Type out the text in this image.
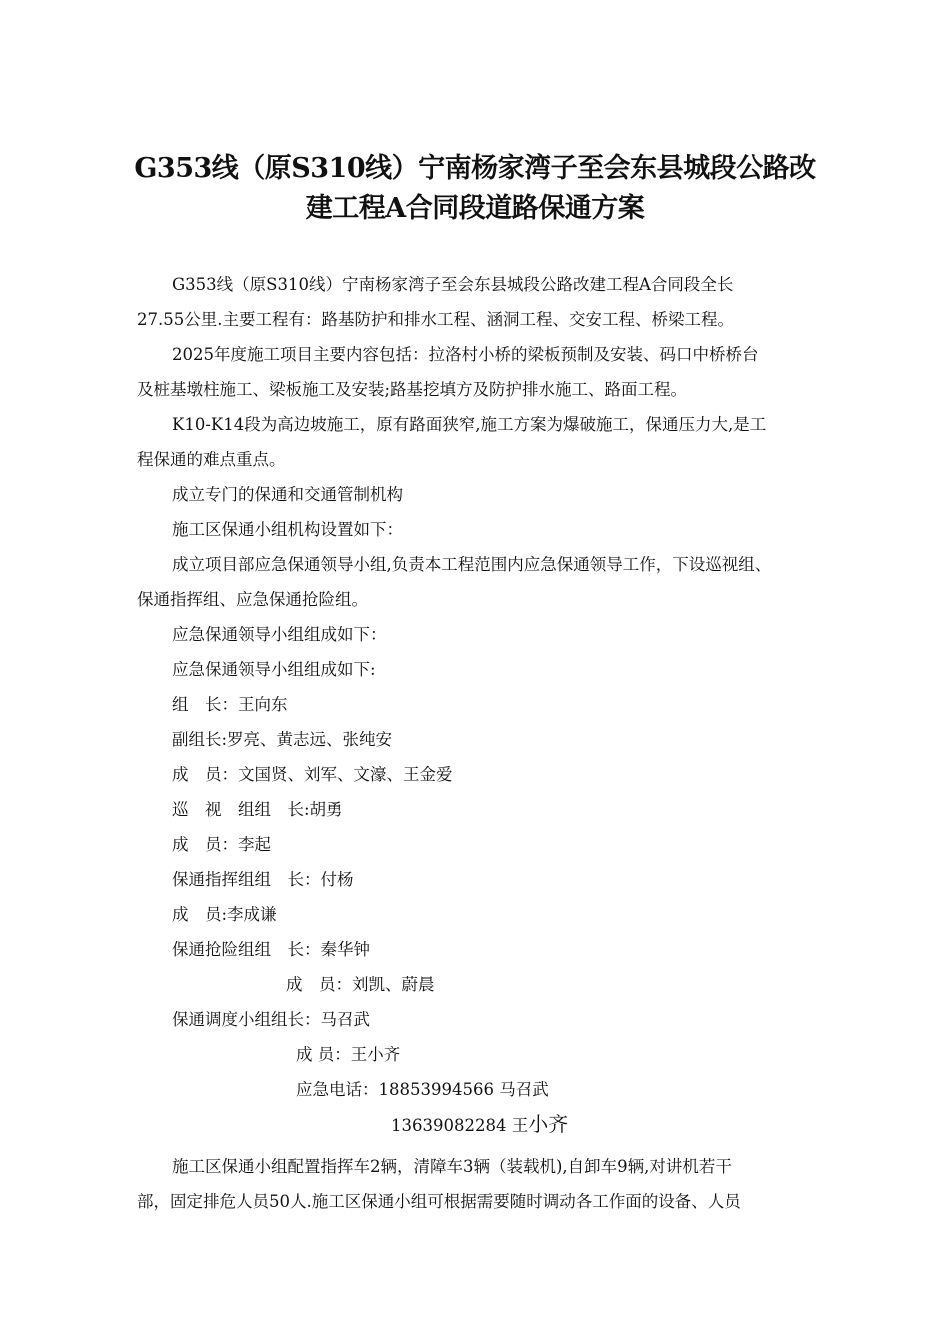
G353线（原S310线）宁南杨家湾子至会东县城段公路改
建工程A合同段道路保通方案
G353线（原S310线）宁南杨家湾子至会东县城段公路改建工程A合同段全长
27.55公里.主要工程有：路基防护和排水工程、涵洞工程、交安工程、桥梁工程。
2025年度施工项目主要内容包括：拉洛村小桥的梁板预制及安装、码口中桥桥台
及桩基墩柱施工、梁板施工及安装;路基挖填方及防护排水施工、路面工程。
K10-K14段为高边坡施工，原有路面狭窄,施工方案为爆破施工，保通压力大,是工
程保通的难点重点。
成立专门的保通和交通管制机构
施工区保通小组机构设置如下：
成立项目部应急保通领导小组,负责本工程范围内应急保通领导工作，下设巡视组、
保通指挥组、应急保通抢险组。
应急保通领导小组组成如下：
应急保通领导小组组成如下:
组　长：王向东
副组长:罗亮、黄志远、张纯安
成　员：文国贤、刘军、文濠、王金爱
巡　视　组组　长:胡勇
成　员：李起
保通指挥组组　长：付杨
成　员:李成谦
保通抢险组组　长：秦华钟
成　员：刘凯、蔚晨
保通调度小组组长：马召武
成 员：王小齐
应急电话：18853994566 马召武
13639082284 王小齐
施工区保通小组配置指挥车2辆，清障车3辆（装载机),自卸车9辆,对讲机若干
部，固定排危人员50人.施工区保通小组可根据需要随时调动各工作面的设备、人员
